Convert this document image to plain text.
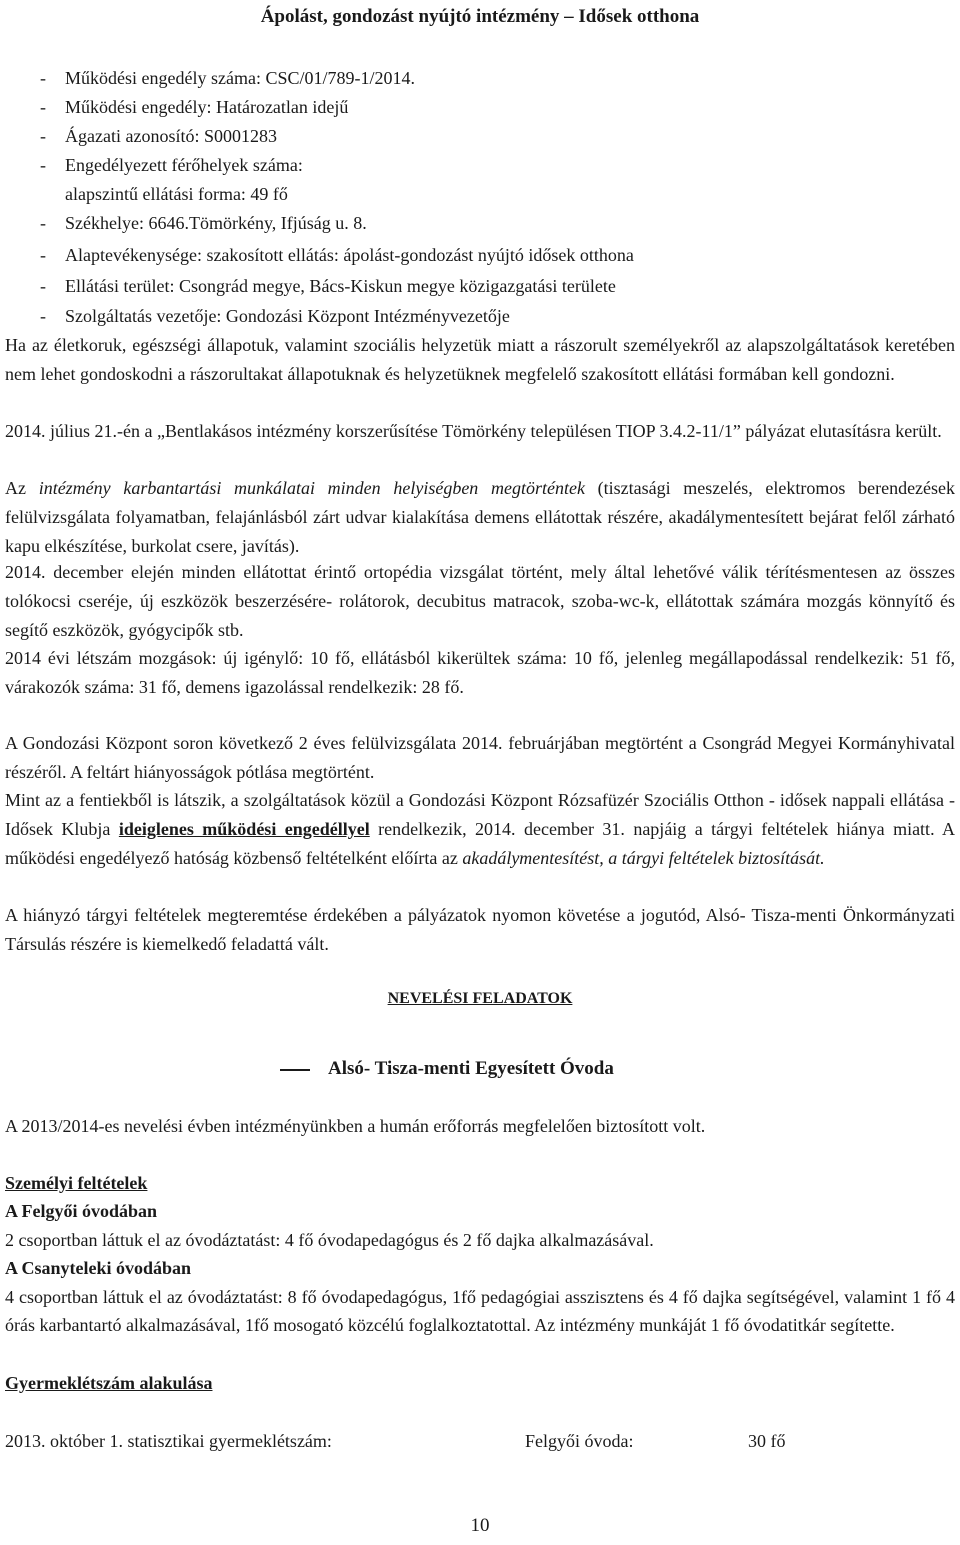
Ápolást, gondozást nyújtó intézmény – Idősek otthona
- Működési engedély száma: CSC/01/789-1/2014.
- Működési engedély: Határozatlan idejű
- Ágazati azonosító: S0001283
- Engedélyezett férőhelyek száma:
alapszintű ellátási forma: 49 fő
- Székhelye: 6646.Tömörkény, Ifjúság u. 8.
- Alaptevékenysége: szakosított ellátás: ápolást-gondozást nyújtó idősek otthona
- Ellátási terület: Csongrád megye, Bács-Kiskun megye közigazgatási területe
- Szolgáltatás vezetője: Gondozási Központ Intézményvezetője
Ha az életkoruk, egészségi állapotuk, valamint szociális helyzetük miatt a rászorult személyekről az alapszolgáltatások keretében nem lehet gondoskodni a rászorultakat állapotuknak és helyzetüknek megfelelő szakosított ellátási formában kell gondozni.
2014. július 21.-én a „Bentlakásos intézmény korszerűsítése Tömörkény településen TIOP 3.4.2-11/1” pályázat elutasításra került.
Az intézmény karbantartási munkálatai minden helyiségben megtörténtek (tisztasági meszelés, elektromos berendezések felülvizsgálata folyamatban, felajánlásból zárt udvar kialakítása demens ellátottak részére, akadálymentesített bejárat felől zárható kapu elkészítése, burkolat csere, javítás).
2014. december elején minden ellátottat érintő ortopédia vizsgálat történt, mely által lehetővé válik térítésmentesen az összes tolókocsi cseréje, új eszközök beszerzésére- rolátorok, decubitus matracok, szoba-wc-k, ellátottak számára mozgás könnyítő és segítő eszközök, gyógycipők stb.
2014 évi létszám mozgások: új igénylő: 10 fő, ellátásból kikerültek száma: 10 fő, jelenleg megállapodással rendelkezik: 51 fő, várakozók száma: 31 fő, demens igazolással rendelkezik: 28 fő.
A Gondozási Központ soron következő 2 éves felülvizsgálata 2014. februárjában megtörtént a Csongrád Megyei Kormányhivatal részéről. A feltárt hiányosságok pótlása megtörtént.
Mint az a fentiekből is látszik, a szolgáltatások közül a Gondozási Központ Rózsafüzér Szociális Otthon - idősek nappali ellátása - Idősek Klubja ideiglenes működési engedéllyel rendelkezik, 2014. december 31. napjáig a tárgyi feltételek hiánya miatt. A működési engedélyező hatóság közbenső feltételként előírta az akadálymentesítést, a tárgyi feltételek biztosítását.
A hiányzó tárgyi feltételek megteremtése érdekében a pályázatok nyomon követése a jogutód, Alsó- Tisza-menti Önkormányzati Társulás részére is kiemelkedő feladattá vált.
NEVELÉSI FELADATOK
Alsó- Tisza-menti Egyesített Óvoda
A 2013/2014-es nevelési évben intézményünkben a humán erőforrás megfelelően biztosított volt.
Személyi feltételek
A Felgyői óvodában
2 csoportban láttuk el az óvodáztatást: 4 fő óvodapedagógus és 2 fő dajka alkalmazásával.
A Csanyteleki óvodában
4 csoportban láttuk el az óvodáztatást: 8 fő óvodapedagógus, 1fő pedagógiai asszisztens és 4 fő dajka segítségével, valamint 1 fő 4 órás karbantartó alkalmazásával, 1fő mosogató közcélú foglalkoztatottal. Az intézmény munkáját 1 fő óvodatitkár segítette.
Gyermeklétszám alakulása
2013. október 1. statisztikai gyermeklétszám:	Felgyői óvoda:	30 fő
10
